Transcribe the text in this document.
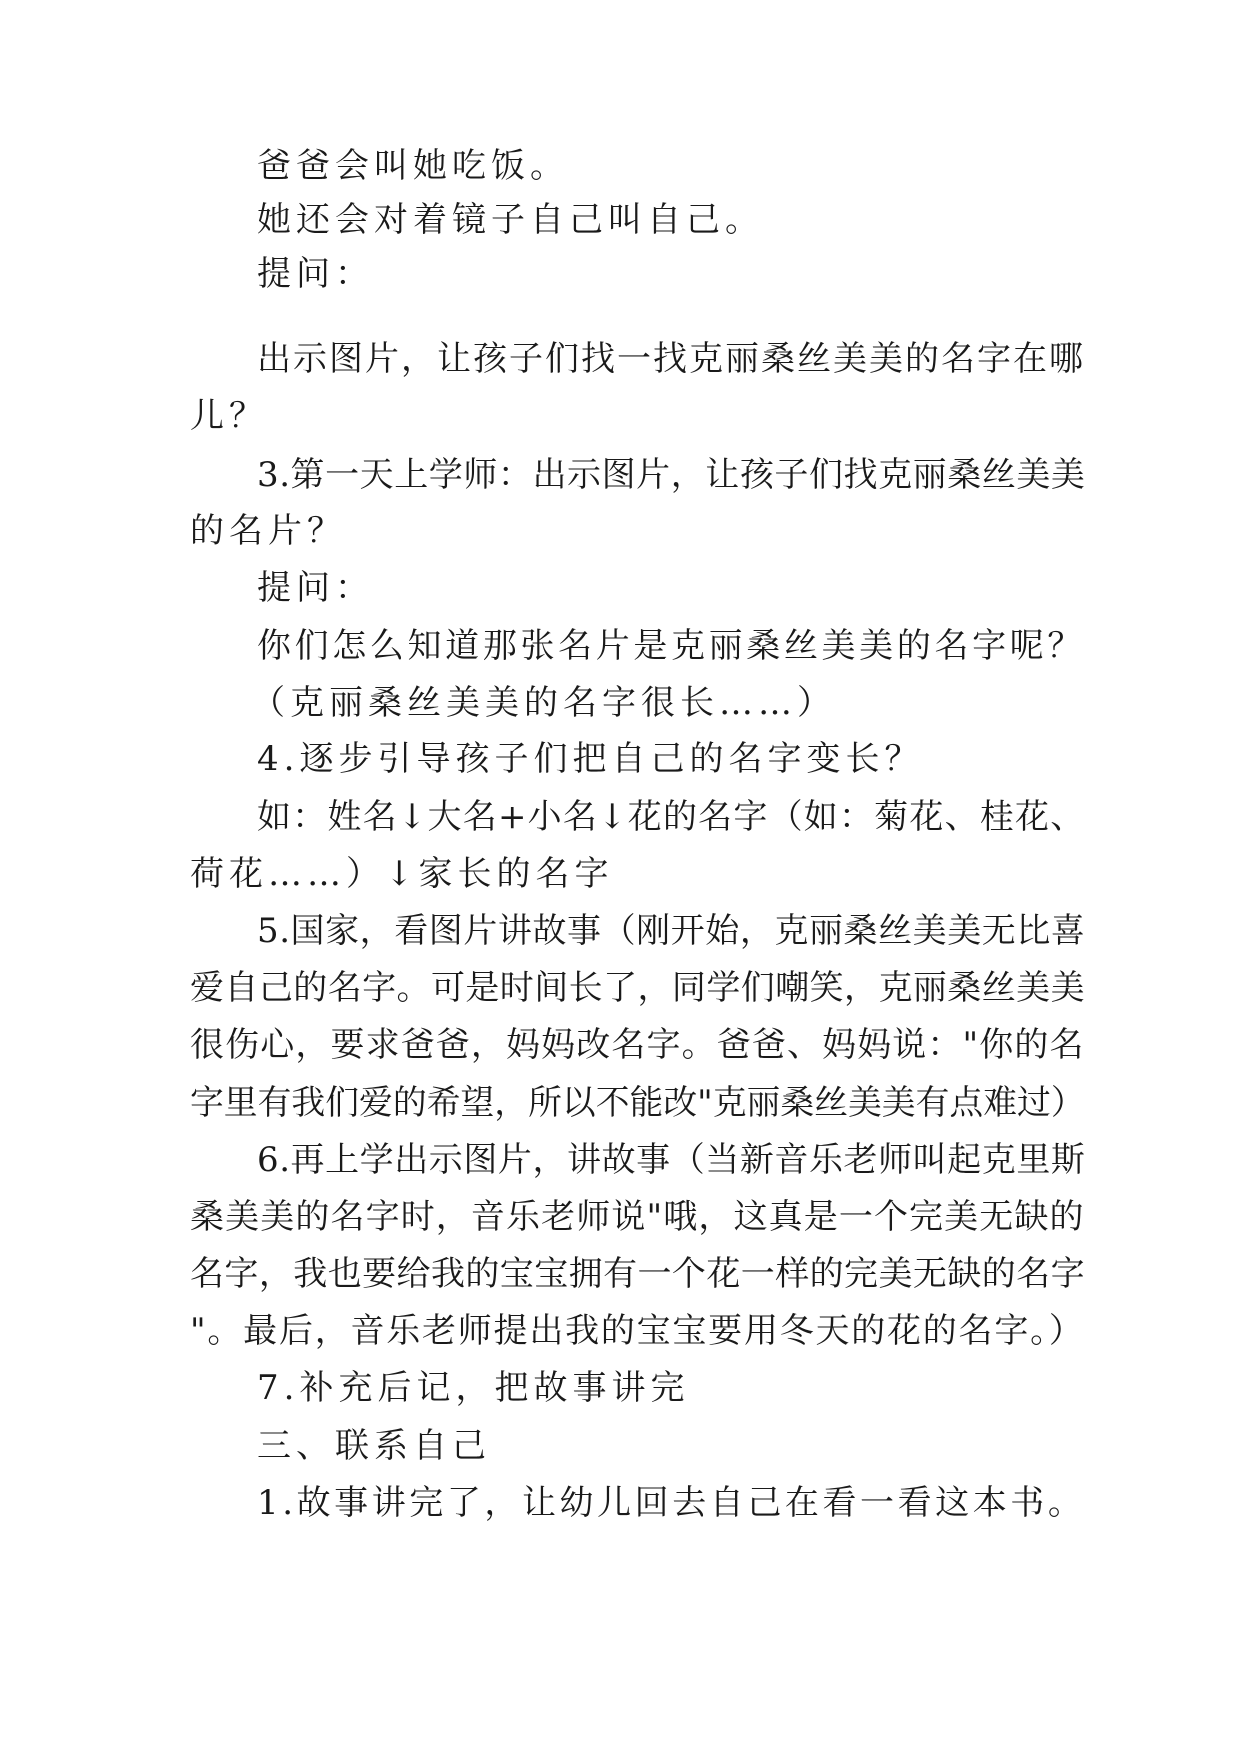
爸爸会叫她吃饭。
她还会对着镜子自己叫自己。
提问：
出示图片，让孩子们找一找克丽桑丝美美的名字在哪
儿？
3.第一天上学师：出示图片，让孩子们找克丽桑丝美美
的名片？
提问：
你们怎么知道那张名片是克丽桑丝美美的名字呢？
（克丽桑丝美美的名字很长……）
4.逐步引导孩子们把自己的名字变长？
如：姓名↓大名+小名↓花的名字（如：菊花、桂花、
荷花……）↓家长的名字
5.国家，看图片讲故事（刚开始，克丽桑丝美美无比喜
爱自己的名字。可是时间长了，同学们嘲笑，克丽桑丝美美
很伤心，要求爸爸，妈妈改名字。爸爸、妈妈说："你的名
字里有我们爱的希望，所以不能改"克丽桑丝美美有点难过）
6.再上学出示图片，讲故事（当新音乐老师叫起克里斯
桑美美的名字时，音乐老师说"哦，这真是一个完美无缺的
名字，我也要给我的宝宝拥有一个花一样的完美无缺的名字
"。最后，音乐老师提出我的宝宝要用冬天的花的名字。）
7.补充后记，把故事讲完
三、联系自己
1.故事讲完了，让幼儿回去自己在看一看这本书。
